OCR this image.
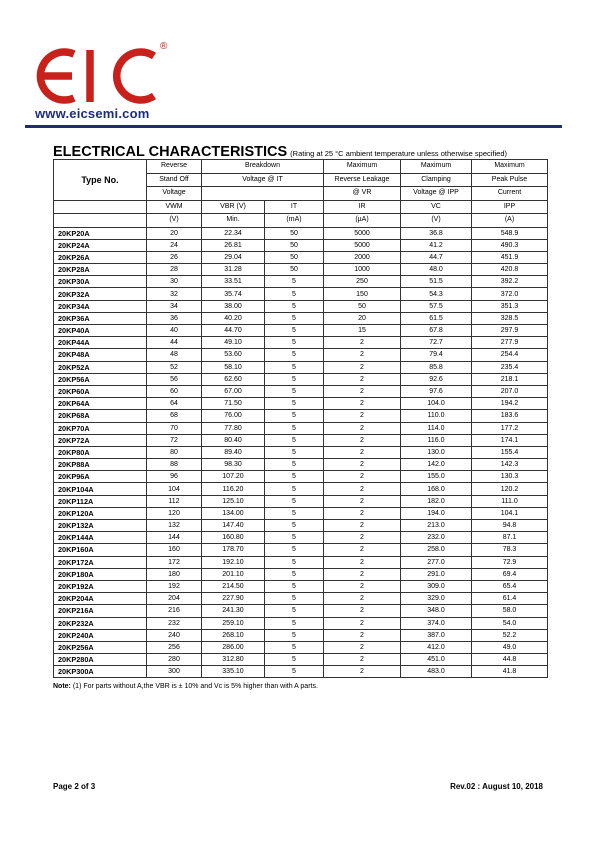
®
www.eicsemi.com
ELECTRICAL CHARACTERISTICS (Rating at 25 °C ambient temperature unless otherwise specified)
Type No.	Reverse	Breakdown		Maximum	Maximum	Maximum
	Stand Off	Voltage @ IT		Reverse Leakage	Clamping	Peak Pulse
	Voltage			@ VR	Voltage @ IPP	Current
	VWM	VBR (V)	IT	IR	VC	IPP
	(V)	Min.	(mA)	(µA)	(V)	(A)
20KP20A	20	22.34	50	5000	36.8	548.9
20KP24A	24	26.81	50	5000	41.2	490.3
20KP26A	26	29.04	50	2000	44.7	451.9
20KP28A	28	31.28	50	1000	48.0	420.8
20KP30A	30	33.51	5	250	51.5	392.2
20KP32A	32	35.74	5	150	54.3	372.0
20KP34A	34	38.00	5	50	57.5	351.3
20KP36A	36	40.20	5	20	61.5	328.5
20KP40A	40	44.70	5	15	67.8	297.9
20KP44A	44	49.10	5	2	72.7	277.9
20KP48A	48	53.60	5	2	79.4	254.4
20KP52A	52	58.10	5	2	85.8	235.4
20KP56A	56	62.60	5	2	92.6	218.1
20KP60A	60	67.00	5	2	97.6	207.0
20KP64A	64	71.50	5	2	104.0	194.2
20KP68A	68	76.00	5	2	110.0	183.6
20KP70A	70	77.80	5	2	114.0	177.2
20KP72A	72	80.40	5	2	116.0	174.1
20KP80A	80	89.40	5	2	130.0	155.4
20KP88A	88	98.30	5	2	142.0	142.3
20KP96A	96	107.20	5	2	155.0	130.3
20KP104A	104	116.20	5	2	168.0	120.2
20KP112A	112	125.10	5	2	182.0	111.0
20KP120A	120	134.00	5	2	194.0	104.1
20KP132A	132	147.40	5	2	213.0	94.8
20KP144A	144	160.80	5	2	232.0	87.1
20KP160A	160	178.70	5	2	258.0	78.3
20KP172A	172	192.10	5	2	277.0	72.9
20KP180A	180	201.10	5	2	291.0	69.4
20KP192A	192	214.50	5	2	309.0	65.4
20KP204A	204	227.90	5	2	329.0	61.4
20KP216A	216	241.30	5	2	348.0	58.0
20KP232A	232	259.10	5	2	374.0	54.0
20KP240A	240	268.10	5	2	387.0	52.2
20KP256A	256	286.00	5	2	412.0	49.0
20KP280A	280	312.80	5	2	451.0	44.8
20KP300A	300	335.10	5	2	483.0	41.8
Note: (1) For parts without A,the VBR is ± 10% and Vc is 5% higher than with A parts.
Page 2 of 3	Rev.02 : August 10, 2018
